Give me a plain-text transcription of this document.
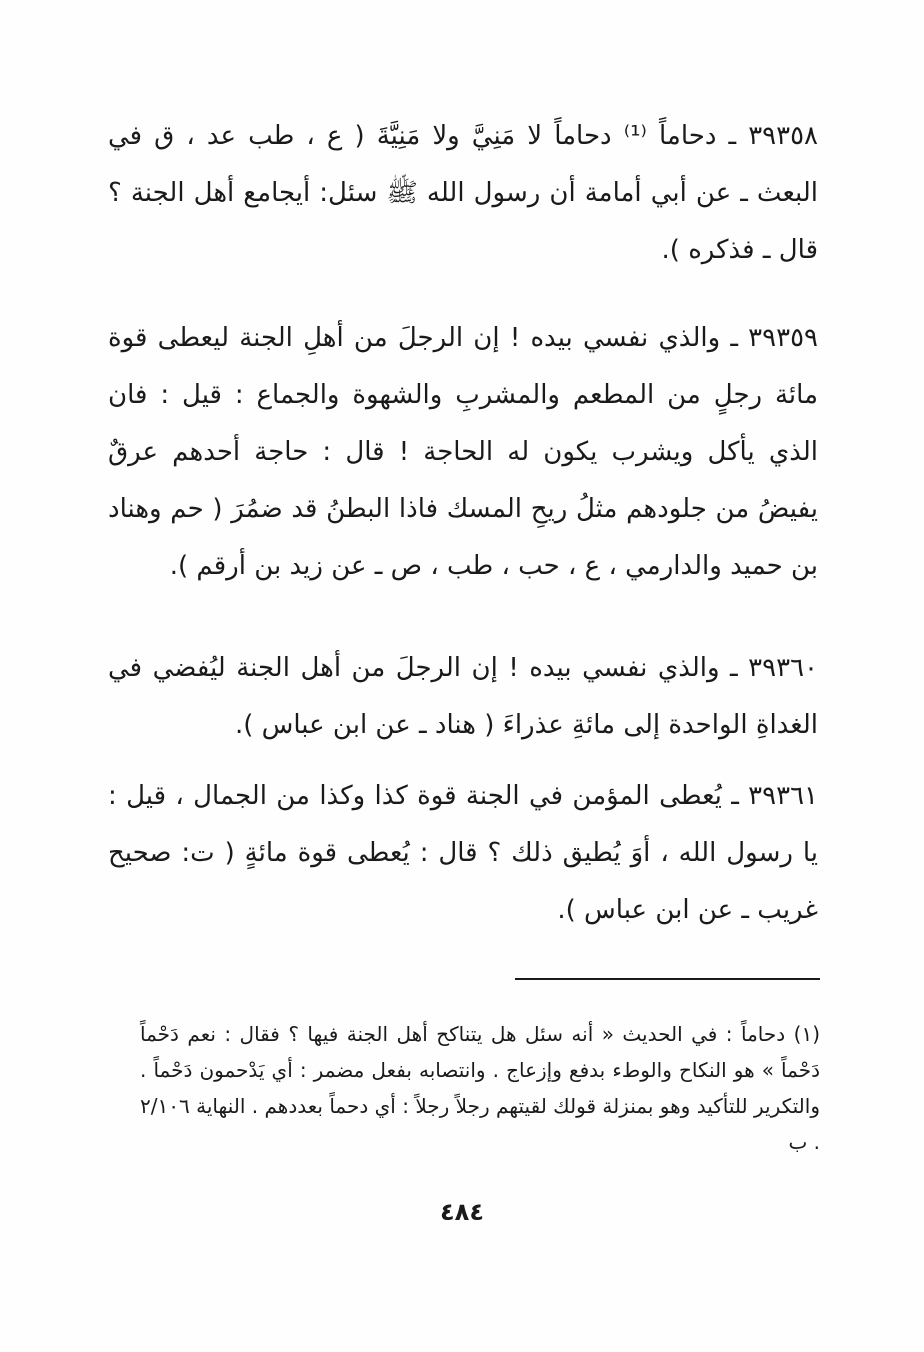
٣٩٣٥٨ ـ دحاماً ⁽¹⁾ دحاماً لا مَنِيَّ ولا مَنِيَّةَ ( ع ، طب عد ، ق في البعث ـ عن أبي أمامة أن رسول الله ﷺ سئل: أيجامع أهل الجنة ؟ قال ـ فذكره ).

٣٩٣٥٩ ـ والذي نفسي بيده ! إن الرجلَ من أهلِ الجنة ليعطى قوة مائة رجلٍ من المطعم والمشربِ والشهوة والجماع : قيل : فان الذي يأكل ويشرب يكون له الحاجة ! قال : حاجة أحدهم عرقٌ يفيضُ من جلودهم مثلُ ريحِ المسك فاذا البطنُ قد ضمُرَ ( حم وهناد بن حميد والدارمي ، ع ، حب ، طب ، ص ـ عن زيد بن أرقم ).

٣٩٣٦٠ ـ والذي نفسي بيده ! إن الرجلَ من أهل الجنة ليُفضي في الغداةِ الواحدة إلى مائةِ عذراءَ ( هناد ـ عن ابن عباس ).

٣٩٣٦١ ـ يُعطى المؤمن في الجنة قوة كذا وكذا من الجمال ، قيل : يا رسول الله ، أوَ يُطيق ذلك ؟ قال : يُعطى قوة مائةٍ ( ت: صحيح غريب ـ عن ابن عباس ).

(١) دحاماً : في الحديث « أنه سئل هل يتناكح أهل الجنة فيها ؟ فقال : نعم دَحْماً دَحْماً » هو النكاح والوطء بدفع وإزعاج . وانتصابه بفعل مضمر : أي يَدْحمون دَحْماً . والتكرير للتأكيد وهو بمنزلة قولك لقيتهم رجلاً رجلاً : أي دحماً بعددهم . النهاية ٢/١٠٦ . ب

٤٨٤
